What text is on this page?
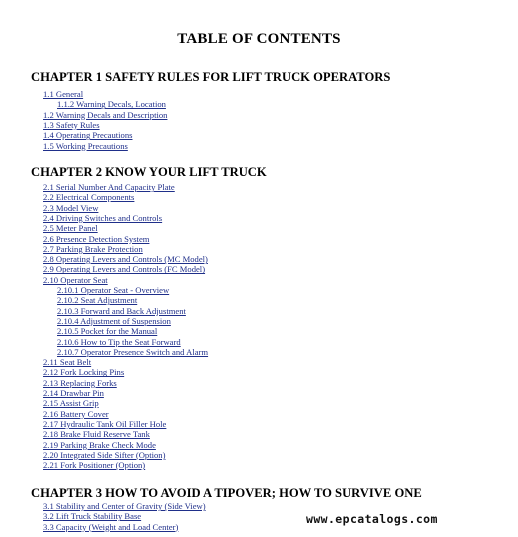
TABLE OF CONTENTS
CHAPTER 1 SAFETY RULES FOR LIFT TRUCK OPERATORS
CHAPTER 2 KNOW YOUR LIFT TRUCK
CHAPTER 3 HOW TO AVOID A TIPOVER; HOW TO SURVIVE ONE
1.1 General
1.1.2 Warning Decals, Location
1.2 Warning Decals and Description
1.3 Safety Rules
1.4 Operating Precautions
1.5 Working Precautions
2.1 Serial Number And Capacity Plate
2.2 Electrical Components
2.3 Model View
2.4 Driving Switches and Controls
2.5 Meter Panel
2.6 Presence Detection System
2.7 Parking Brake Protection
2.8 Operating Levers and Controls (MC Model)
2.9 Operating Levers and Controls (FC Model)
2.10 Operator Seat
2.10.1 Operator Seat - Overview
2.10.2 Seat Adjustment
2.10.3 Forward and Back Adjustment
2.10.4 Adjustment of Suspension
2.10.5 Pocket for the Manual
2.10.6 How to Tip the Seat Forward
2.10.7 Operator Presence Switch and Alarm
2.11 Seat Belt
2.12 Fork Locking Pins
2.13 Replacing Forks
2.14 Drawbar Pin
2.15 Assist Grip
2.16 Battery Cover
2.17 Hydraulic Tank Oil Filler Hole
2.18 Brake Fluid Reserve Tank
2.19 Parking Brake Check Mode
2.20 Integrated Side Sifter (Option)
2.21 Fork Positioner (Option)
3.1 Stability and Center of Gravity (Side View)
3.2 Lift Truck Stability Base
3.3 Capacity (Weight and Load Center)
www.epcatalogs.com
